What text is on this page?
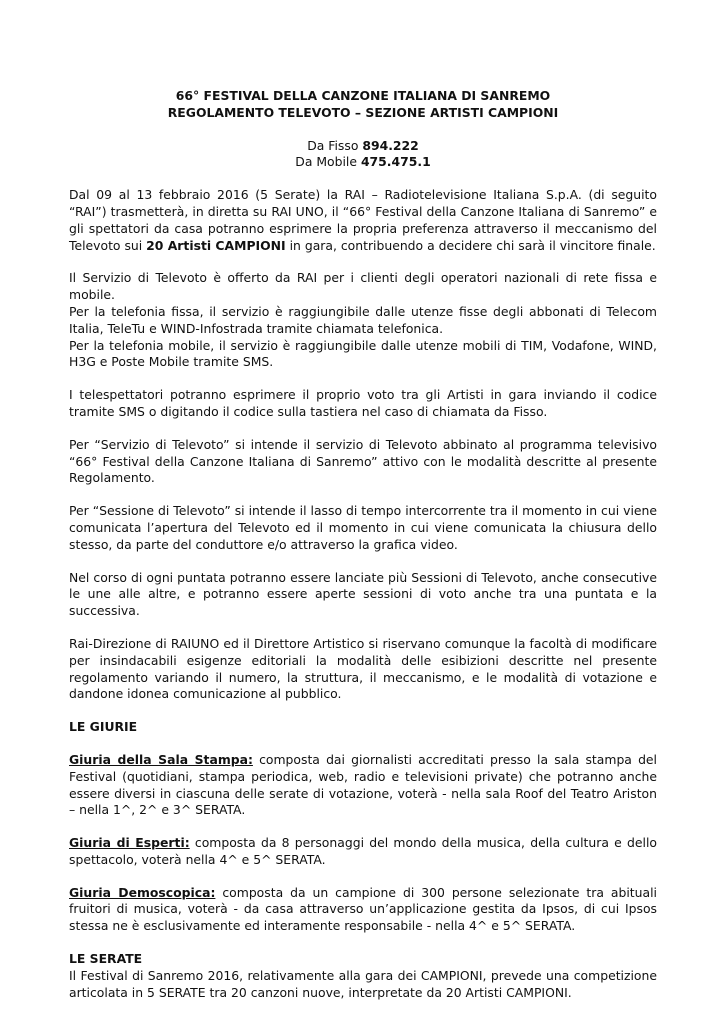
66° FESTIVAL DELLA CANZONE ITALIANA DI SANREMO
REGOLAMENTO TELEVOTO – SEZIONE ARTISTI CAMPIONI
Da Fisso 894.222
Da Mobile 475.475.1

Dal 09 al 13 febbraio 2016 (5 Serate) la RAI – Radiotelevisione Italiana S.p.A. (di seguito “RAI”) trasmetterà, in diretta su RAI UNO, il “66° Festival della Canzone Italiana di Sanremo” e gli spettatori da casa potranno esprimere la propria preferenza attraverso il meccanismo del Televoto sui 20 Artisti CAMPIONI in gara, contribuendo a decidere chi sarà il vincitore finale.

Il Servizio di Televoto è offerto da RAI per i clienti degli operatori nazionali di rete fissa e mobile.

Per la telefonia fissa, il servizio è raggiungibile dalle utenze fisse degli abbonati di Telecom Italia, TeleTu e WIND-Infostrada tramite chiamata telefonica.

Per la telefonia mobile, il servizio è raggiungibile dalle utenze mobili di TIM, Vodafone, WIND, H3G e Poste Mobile tramite SMS.

I telespettatori potranno esprimere il proprio voto tra gli Artisti in gara inviando il codice tramite SMS o digitando il codice sulla tastiera nel caso di chiamata da Fisso.

Per “Servizio di Televoto” si intende il servizio di Televoto abbinato al programma televisivo “66° Festival della Canzone Italiana di Sanremo” attivo con le modalità descritte al presente Regolamento.

Per “Sessione di Televoto” si intende il lasso di tempo intercorrente tra il momento in cui viene comunicata l’apertura del Televoto ed il momento in cui viene comunicata la chiusura dello stesso, da parte del conduttore e/o attraverso la grafica video.

Nel corso di ogni puntata potranno essere lanciate più Sessioni di Televoto, anche consecutive le une alle altre, e potranno essere aperte sessioni di voto anche tra una puntata e la successiva.

Rai-Direzione di RAIUNO ed il Direttore Artistico si riservano comunque la facoltà di modificare per insindacabili esigenze editoriali la modalità delle esibizioni descritte nel presente regolamento variando il numero, la struttura, il meccanismo, e le modalità di votazione e dandone idonea comunicazione al pubblico.

LE GIURIE

Giuria della Sala Stampa: composta dai giornalisti accreditati presso la sala stampa del Festival (quotidiani, stampa periodica, web, radio e televisioni private) che potranno anche essere diversi in ciascuna delle serate di votazione, voterà - nella sala Roof del Teatro Ariston – nella 1^, 2^ e 3^ SERATA.

Giuria di Esperti: composta da 8 personaggi del mondo della musica, della cultura e dello spettacolo, voterà nella 4^ e 5^ SERATA.

Giuria Demoscopica: composta da un campione di 300 persone selezionate tra abituali fruitori di musica, voterà - da casa attraverso un’applicazione gestita da Ipsos, di cui Ipsos stessa ne è esclusivamente ed interamente responsabile - nella 4^ e 5^ SERATA.

LE SERATE

Il Festival di Sanremo 2016, relativamente alla gara dei CAMPIONI, prevede una competizione articolata in 5 SERATE tra 20 canzoni nuove, interpretate da 20 Artisti CAMPIONI.
